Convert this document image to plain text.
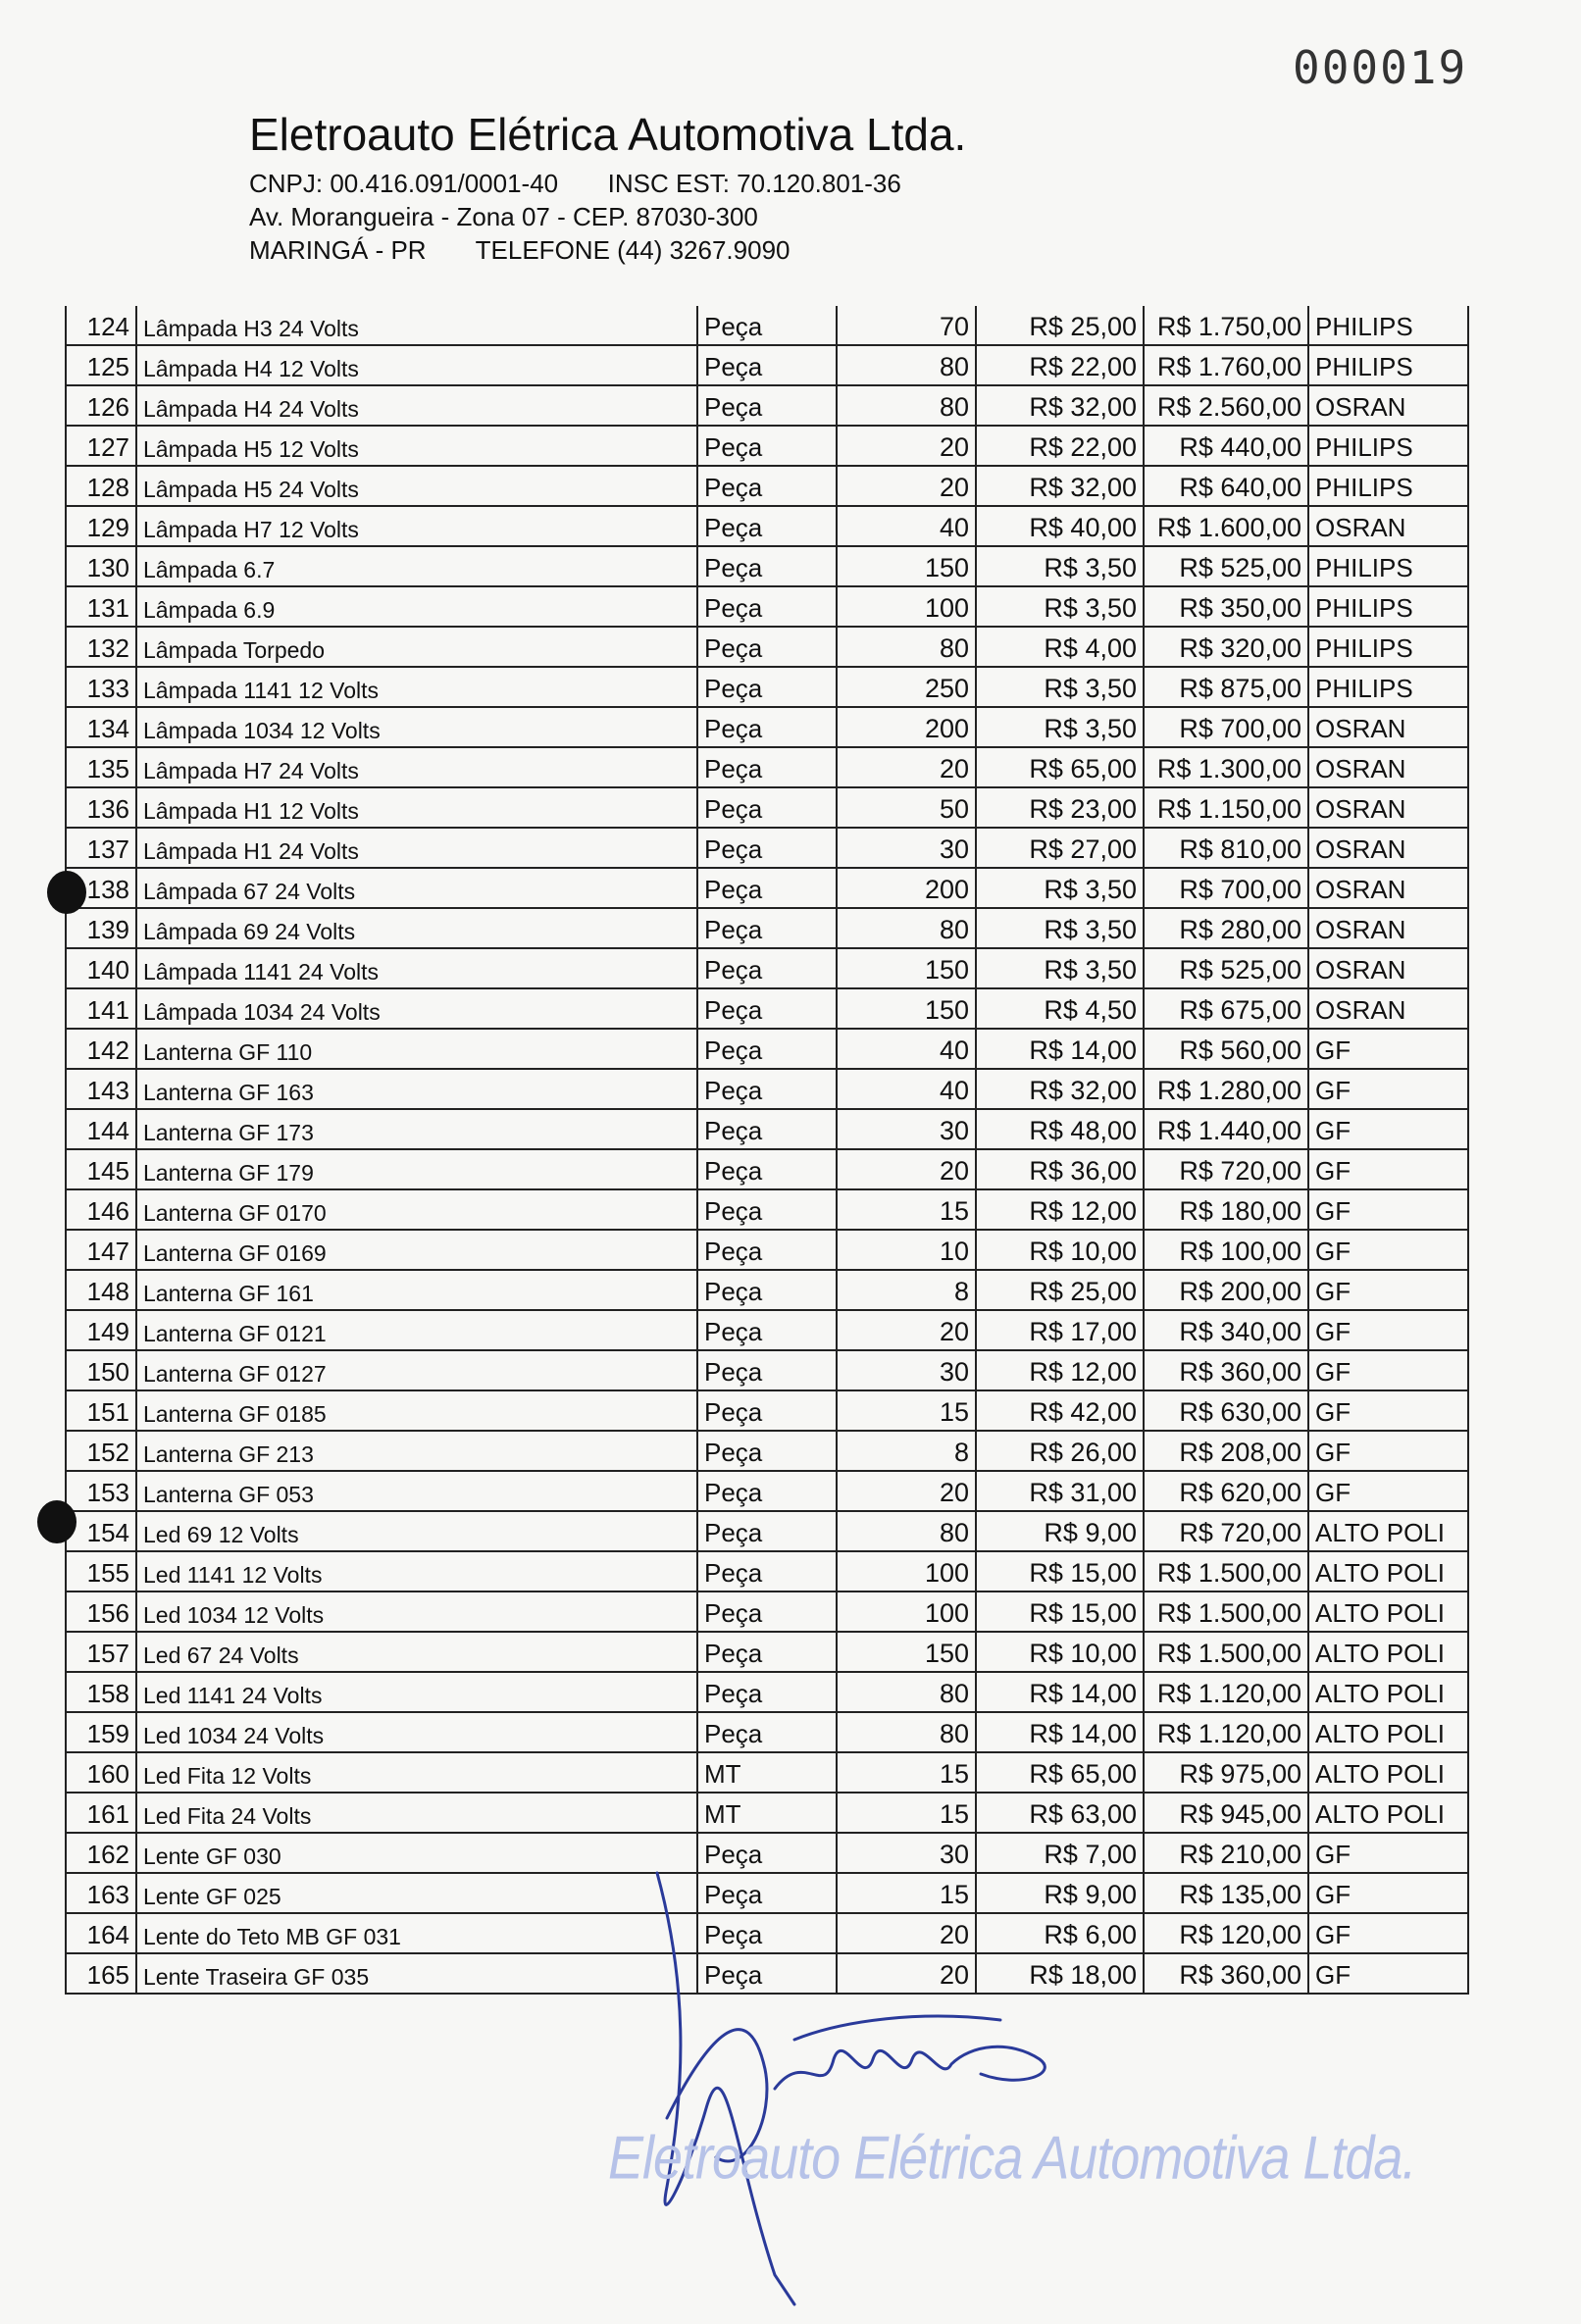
000019
Eletroauto Elétrica Automotiva Ltda.
CNPJ: 00.416.091/0001-40       INSC EST: 70.120.801-36
Av. Morangueira - Zona 07 - CEP. 87030-300
MARINGÁ - PR       TELEFONE (44) 3267.9090
124	Lâmpada H3 24 Volts	Peça	70	R$ 25,00	R$ 1.750,00	PHILIPS
125	Lâmpada H4 12 Volts	Peça	80	R$ 22,00	R$ 1.760,00	PHILIPS
126	Lâmpada H4 24 Volts	Peça	80	R$ 32,00	R$ 2.560,00	OSRAN
127	Lâmpada H5 12 Volts	Peça	20	R$ 22,00	R$ 440,00	PHILIPS
128	Lâmpada H5 24 Volts	Peça	20	R$ 32,00	R$ 640,00	PHILIPS
129	Lâmpada H7 12 Volts	Peça	40	R$ 40,00	R$ 1.600,00	OSRAN
130	Lâmpada 6.7	Peça	150	R$ 3,50	R$ 525,00	PHILIPS
131	Lâmpada 6.9	Peça	100	R$ 3,50	R$ 350,00	PHILIPS
132	Lâmpada Torpedo	Peça	80	R$ 4,00	R$ 320,00	PHILIPS
133	Lâmpada 1141 12 Volts	Peça	250	R$ 3,50	R$ 875,00	PHILIPS
134	Lâmpada 1034 12 Volts	Peça	200	R$ 3,50	R$ 700,00	OSRAN
135	Lâmpada H7 24 Volts	Peça	20	R$ 65,00	R$ 1.300,00	OSRAN
136	Lâmpada H1 12 Volts	Peça	50	R$ 23,00	R$ 1.150,00	OSRAN
137	Lâmpada H1 24 Volts	Peça	30	R$ 27,00	R$ 810,00	OSRAN
138	Lâmpada 67 24 Volts	Peça	200	R$ 3,50	R$ 700,00	OSRAN
139	Lâmpada 69 24 Volts	Peça	80	R$ 3,50	R$ 280,00	OSRAN
140	Lâmpada 1141 24 Volts	Peça	150	R$ 3,50	R$ 525,00	OSRAN
141	Lâmpada 1034 24 Volts	Peça	150	R$ 4,50	R$ 675,00	OSRAN
142	Lanterna GF 110	Peça	40	R$ 14,00	R$ 560,00	GF
143	Lanterna GF 163	Peça	40	R$ 32,00	R$ 1.280,00	GF
144	Lanterna GF 173	Peça	30	R$ 48,00	R$ 1.440,00	GF
145	Lanterna GF 179	Peça	20	R$ 36,00	R$ 720,00	GF
146	Lanterna GF 0170	Peça	15	R$ 12,00	R$ 180,00	GF
147	Lanterna GF 0169	Peça	10	R$ 10,00	R$ 100,00	GF
148	Lanterna GF 161	Peça	8	R$ 25,00	R$ 200,00	GF
149	Lanterna GF 0121	Peça	20	R$ 17,00	R$ 340,00	GF
150	Lanterna GF 0127	Peça	30	R$ 12,00	R$ 360,00	GF
151	Lanterna GF 0185	Peça	15	R$ 42,00	R$ 630,00	GF
152	Lanterna GF 213	Peça	8	R$ 26,00	R$ 208,00	GF
153	Lanterna GF 053	Peça	20	R$ 31,00	R$ 620,00	GF
154	Led 69 12 Volts	Peça	80	R$ 9,00	R$ 720,00	ALTO POLI
155	Led 1141 12 Volts	Peça	100	R$ 15,00	R$ 1.500,00	ALTO POLI
156	Led 1034 12 Volts	Peça	100	R$ 15,00	R$ 1.500,00	ALTO POLI
157	Led 67 24 Volts	Peça	150	R$ 10,00	R$ 1.500,00	ALTO POLI
158	Led 1141 24 Volts	Peça	80	R$ 14,00	R$ 1.120,00	ALTO POLI
159	Led 1034 24 Volts	Peça	80	R$ 14,00	R$ 1.120,00	ALTO POLI
160	Led Fita 12 Volts	MT	15	R$ 65,00	R$ 975,00	ALTO POLI
161	Led Fita 24 Volts	MT	15	R$ 63,00	R$ 945,00	ALTO POLI
162	Lente GF 030	Peça	30	R$ 7,00	R$ 210,00	GF
163	Lente GF 025	Peça	15	R$ 9,00	R$ 135,00	GF
164	Lente do Teto MB GF 031	Peça	20	R$ 6,00	R$ 120,00	GF
165	Lente Traseira GF 035	Peça	20	R$ 18,00	R$ 360,00	GF
Eletroauto Elétrica Automotiva Ltda.
